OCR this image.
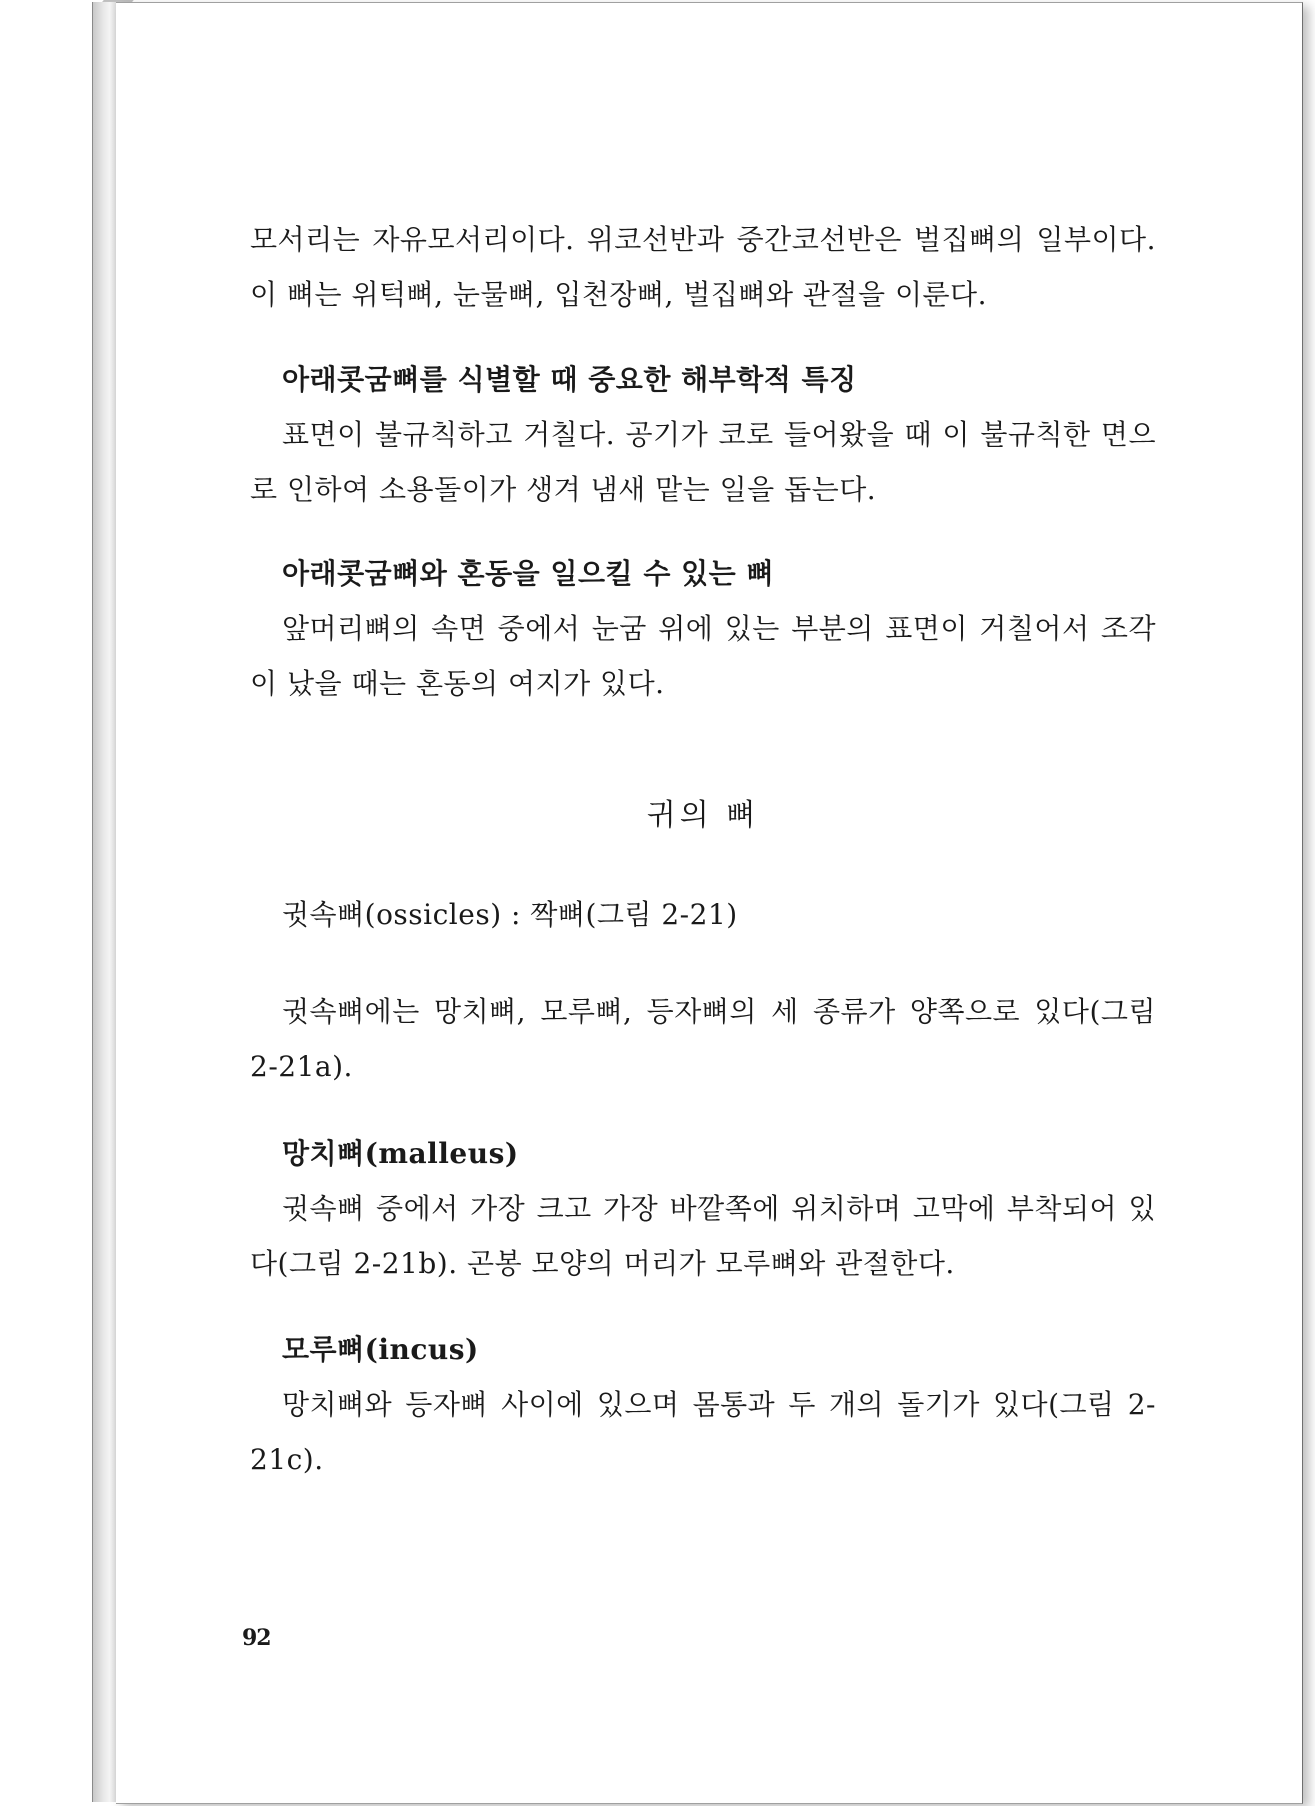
모서리는 자유모서리이다. 위코선반과 중간코선반은 벌집뼈의 일부이다. 이 뼈는 위턱뼈, 눈물뼈, 입천장뼈, 벌집뼈와 관절을 이룬다.
아래콧굼뼈를 식별할 때 중요한 해부학적 특징
표면이 불규칙하고 거칠다. 공기가 코로 들어왔을 때 이 불규칙한 면으로 인하여 소용돌이가 생겨 냄새 맡는 일을 돕는다.
아래콧굼뼈와 혼동을 일으킬 수 있는 뼈
앞머리뼈의 속면 중에서 눈굼 위에 있는 부분의 표면이 거칠어서 조각이 났을 때는 혼동의 여지가 있다.
귀의 뼈
귓속뼈(ossicles) : 짝뼈(그림 2-21)
귓속뼈에는 망치뼈, 모루뼈, 등자뼈의 세 종류가 양쪽으로 있다(그림 2-21a).
망치뼈(malleus)
귓속뼈 중에서 가장 크고 가장 바깥쪽에 위치하며 고막에 부착되어 있다(그림 2-21b). 곤봉 모양의 머리가 모루뼈와 관절한다.
모루뼈(incus)
망치뼈와 등자뼈 사이에 있으며 몸통과 두 개의 돌기가 있다(그림 2-21c).
92
